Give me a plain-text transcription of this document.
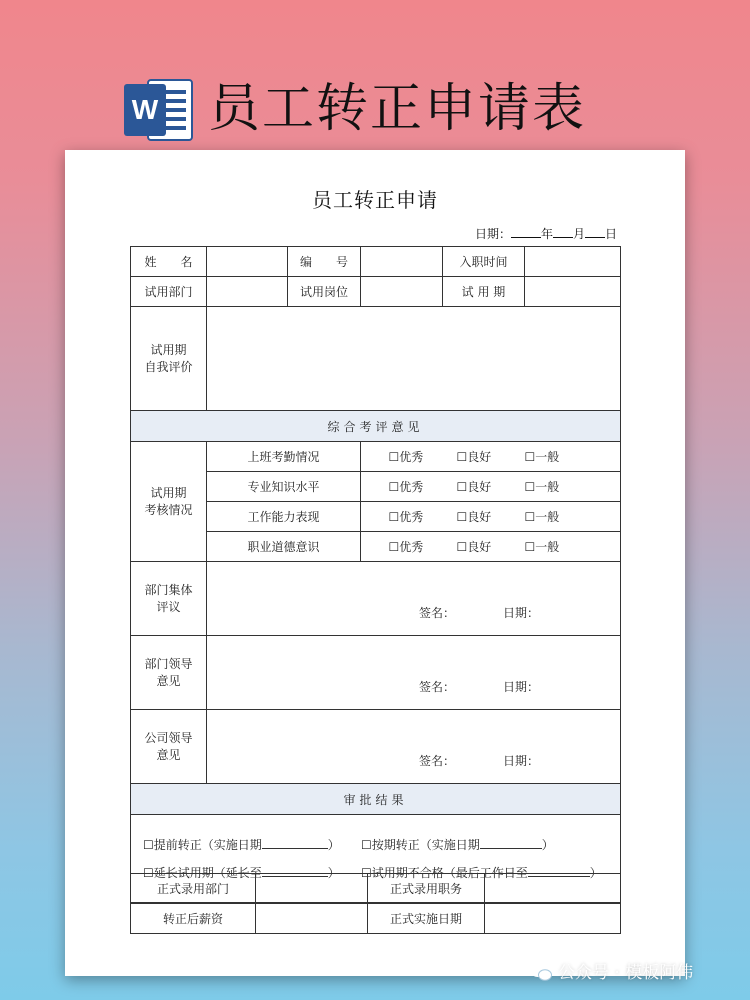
W 员工转正申请表
员工转正申请
日期：	年 月 日
姓　　名		编　　号		入职时间	
试用部门		试用岗位		试 用 期	

试用期
自我评价					

综合考评意见					

试用期
考核情况	上班考勤情况		☐优秀 ☐良好 ☐一般		
	专业知识水平		☐优秀 ☐良好 ☐一般		
	工作能力表现		☐优秀 ☐良好 ☐一般		
	职业道德意识		☐优秀 ☐良好 ☐一般		

部门集体
评议	签名： 日期：				

部门领导
意见	签名： 日期：				

公司领导
意见	签名： 日期：				

审批结果					

☐提前转正（实施日期 ） ☐按期转正（实施日期 ）
☐延长试用期（延长至 ） ☐试用期不合格（最后工作日至 ）					
正式录用部门		正式录用职务	
转正后薪资		正式实施日期	
公众号 · 模板阿伟
